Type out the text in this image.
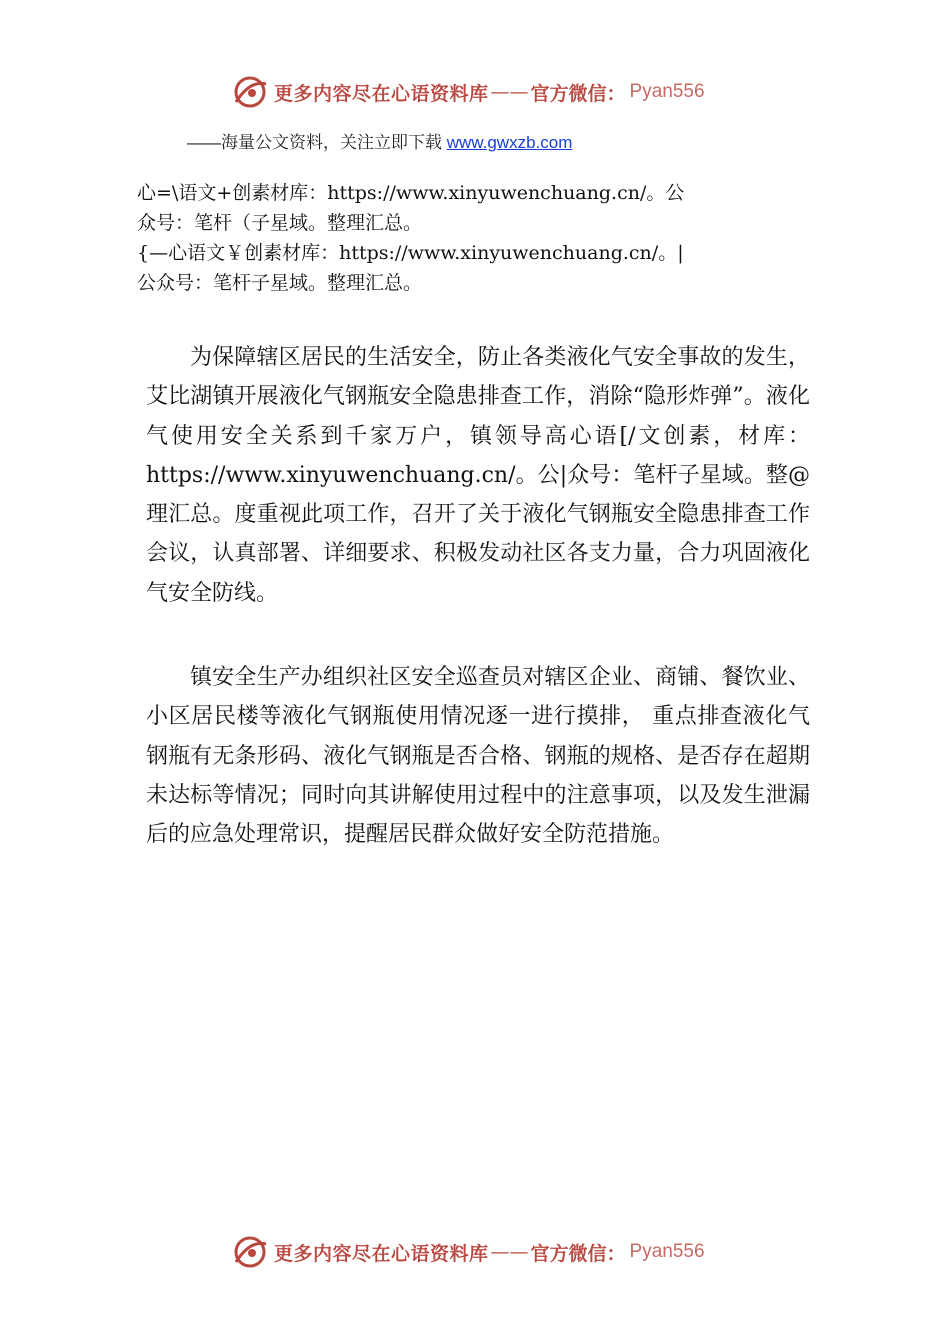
更多内容尽在心语资料库 —— 官方微信： Pyan556
——海量公文资料，关注立即下载 www.gwxzb.com

心=\语文+创素材库：https://www.xinyuwenchuang.cn/。公

众号：笔杆（子星域。整理汇总。

{—心语文￥创素材库：https://www.xinyuwenchuang.cn/。|

公众号：笔杆子星域。整理汇总。

为保障辖区居民的生活安全，防止各类液化气安全事故的发生，艾比湖镇开展液化气钢瓶安全隐患排查工作，消除“隐形炸弹”。液化气使用安全关系到千家万户，镇领导高心语[/文创素，材库：https://www.xinyuwenchuang.cn/。公|众号：笔杆子星域。整@理汇总。度重视此项工作，召开了关于液化气钢瓶安全隐患排查工作会议，认真部署、详细要求、积极发动社区各支力量，合力巩固液化气安全防线。

镇安全生产办组织社区安全巡查员对辖区企业、商铺、餐饮业、小区居民楼等液化气钢瓶使用情况逐一进行摸排， 重点排查液化气钢瓶有无条形码、液化气钢瓶是否合格、钢瓶的规格、是否存在超期未达标等情况；同时向其讲解使用过程中的注意事项，以及发生泄漏后的应急处理常识，提醒居民群众做好安全防范措施。

更多内容尽在心语资料库 —— 官方微信： Pyan556
